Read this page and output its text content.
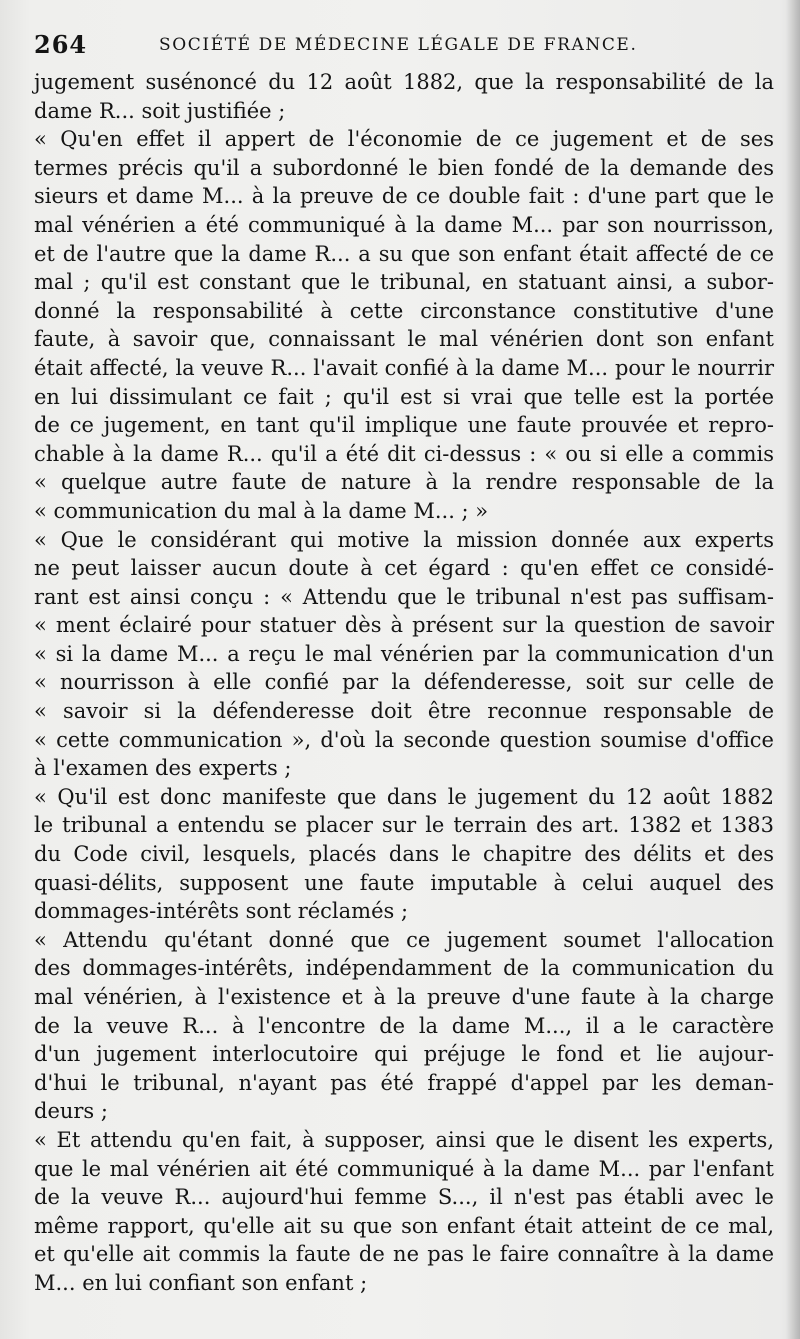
264	SOCIÉTÉ DE MÉDECINE LÉGALE DE FRANCE.
jugement susénoncé du 12 août 1882, que la responsabilité de la
dame R... soit justifiée ;
« Qu'en effet il appert de l'économie de ce jugement et de ses
termes précis qu'il a subordonné le bien fondé de la demande des
sieurs et dame M... à la preuve de ce double fait : d'une part que le
mal vénérien a été communiqué à la dame M... par son nourrisson,
et de l'autre que la dame R... a su que son enfant était affecté de ce
mal ; qu'il est constant que le tribunal, en statuant ainsi, a subor-
donné la responsabilité à cette circonstance constitutive d'une
faute, à savoir que, connaissant le mal vénérien dont son enfant
était affecté, la veuve R... l'avait confié à la dame M... pour le nourrir
en lui dissimulant ce fait ; qu'il est si vrai que telle est la portée
de ce jugement, en tant qu'il implique une faute prouvée et repro-
chable à la dame R... qu'il a été dit ci-dessus : « ou si elle a commis
« quelque autre faute de nature à la rendre responsable de la
« communication du mal à la dame M... ; »
« Que le considérant qui motive la mission donnée aux experts
ne peut laisser aucun doute à cet égard : qu'en effet ce considé-
rant est ainsi conçu : « Attendu que le tribunal n'est pas suffisam-
« ment éclairé pour statuer dès à présent sur la question de savoir
« si la dame M... a reçu le mal vénérien par la communication d'un
« nourrisson à elle confié par la défenderesse, soit sur celle de
« savoir si la défenderesse doit être reconnue responsable de
« cette communication », d'où la seconde question soumise d'office
à l'examen des experts ;
« Qu'il est donc manifeste que dans le jugement du 12 août 1882
le tribunal a entendu se placer sur le terrain des art. 1382 et 1383
du Code civil, lesquels, placés dans le chapitre des délits et des
quasi-délits, supposent une faute imputable à celui auquel des
dommages-intérêts sont réclamés ;
« Attendu qu'étant donné que ce jugement soumet l'allocation
des dommages-intérêts, indépendamment de la communication du
mal vénérien, à l'existence et à la preuve d'une faute à la charge
de la veuve R... à l'encontre de la dame M..., il a le caractère
d'un jugement interlocutoire qui préjuge le fond et lie aujour-
d'hui le tribunal, n'ayant pas été frappé d'appel par les deman-
deurs ;
« Et attendu qu'en fait, à supposer, ainsi que le disent les experts,
que le mal vénérien ait été communiqué à la dame M... par l'enfant
de la veuve R... aujourd'hui femme S..., il n'est pas établi avec le
même rapport, qu'elle ait su que son enfant était atteint de ce mal,
et qu'elle ait commis la faute de ne pas le faire connaître à la dame
M... en lui confiant son enfant ;
